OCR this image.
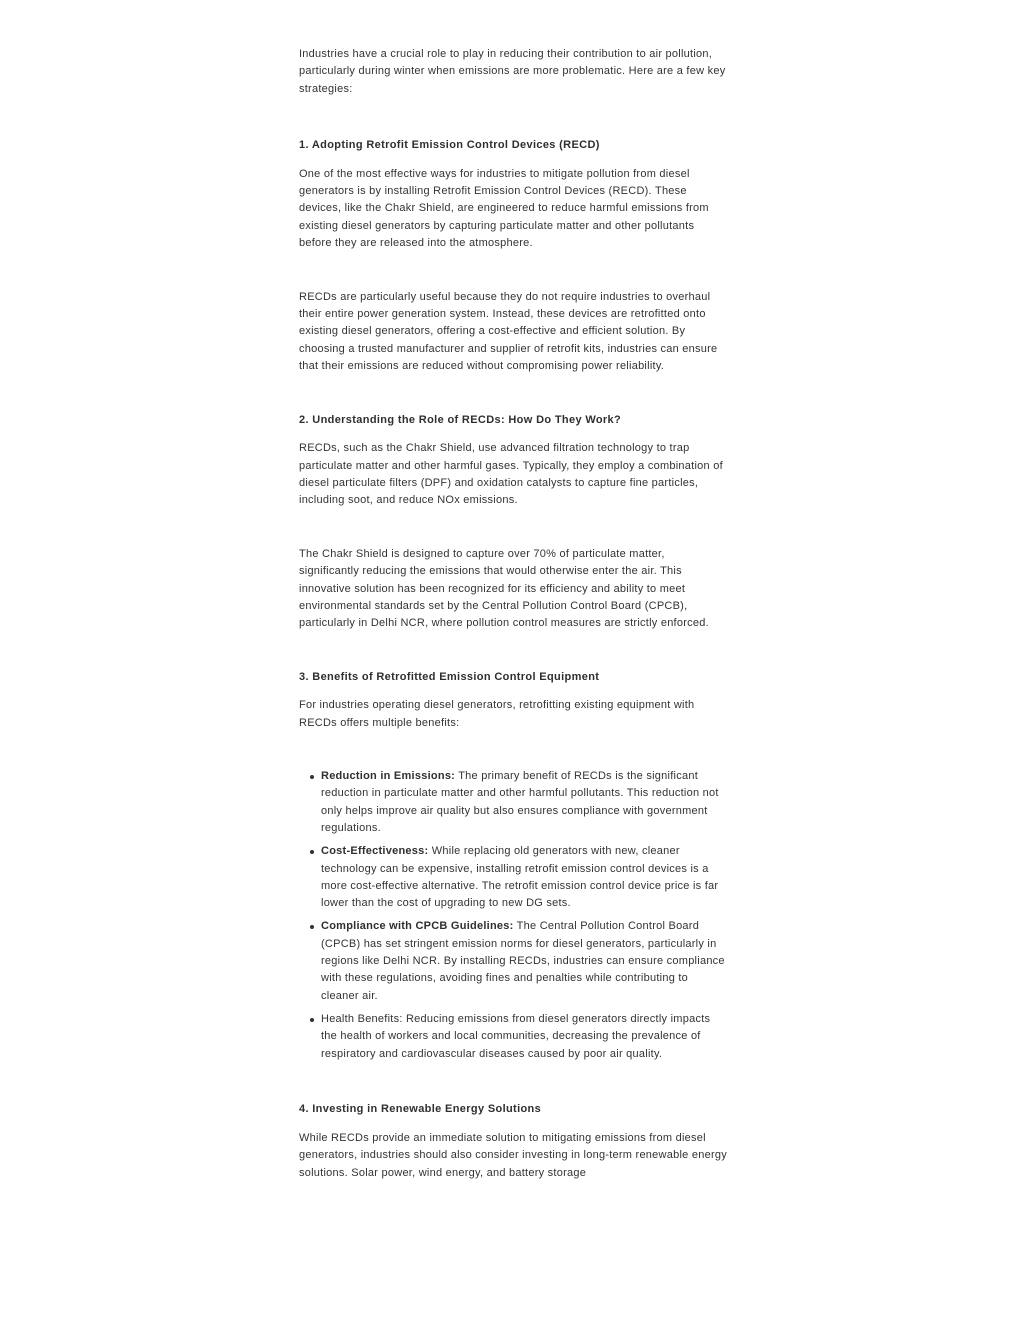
Industries have a crucial role to play in reducing their contribution to air pollution, particularly during winter when emissions are more problematic. Here are a few key strategies:

1. Adopting Retrofit Emission Control Devices (RECD)

One of the most effective ways for industries to mitigate pollution from diesel generators is by installing Retrofit Emission Control Devices (RECD). These devices, like the Chakr Shield, are engineered to reduce harmful emissions from existing diesel generators by capturing particulate matter and other pollutants before they are released into the atmosphere.

RECDs are particularly useful because they do not require industries to overhaul their entire power generation system. Instead, these devices are retrofitted onto existing diesel generators, offering a cost-effective and efficient solution. By choosing a trusted manufacturer and supplier of retrofit kits, industries can ensure that their emissions are reduced without compromising power reliability.

2. Understanding the Role of RECDs: How Do They Work?

RECDs, such as the Chakr Shield, use advanced filtration technology to trap particulate matter and other harmful gases. Typically, they employ a combination of diesel particulate filters (DPF) and oxidation catalysts to capture fine particles, including soot, and reduce NOx emissions.

The Chakr Shield is designed to capture over 70% of particulate matter, significantly reducing the emissions that would otherwise enter the air. This innovative solution has been recognized for its efficiency and ability to meet environmental standards set by the Central Pollution Control Board (CPCB), particularly in Delhi NCR, where pollution control measures are strictly enforced.

3. Benefits of Retrofitted Emission Control Equipment

For industries operating diesel generators, retrofitting existing equipment with RECDs offers multiple benefits:

Reduction in Emissions: The primary benefit of RECDs is the significant reduction in particulate matter and other harmful pollutants. This reduction not only helps improve air quality but also ensures compliance with government regulations.
Cost-Effectiveness: While replacing old generators with new, cleaner technology can be expensive, installing retrofit emission control devices is a more cost-effective alternative. The retrofit emission control device price is far lower than the cost of upgrading to new DG sets.
Compliance with CPCB Guidelines: The Central Pollution Control Board (CPCB) has set stringent emission norms for diesel generators, particularly in regions like Delhi NCR. By installing RECDs, industries can ensure compliance with these regulations, avoiding fines and penalties while contributing to cleaner air.
Health Benefits: Reducing emissions from diesel generators directly impacts the health of workers and local communities, decreasing the prevalence of respiratory and cardiovascular diseases caused by poor air quality.
4. Investing in Renewable Energy Solutions

While RECDs provide an immediate solution to mitigating emissions from diesel generators, industries should also consider investing in long-term renewable energy solutions. Solar power, wind energy, and battery storage
